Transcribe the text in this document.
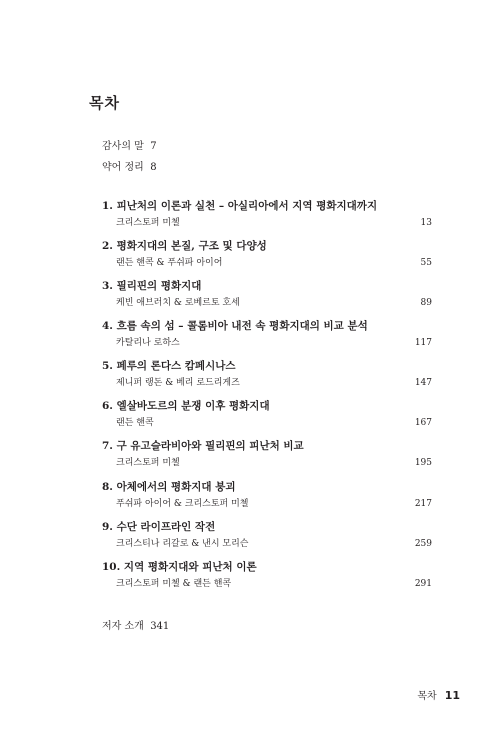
목차
감사의 말 7
약어 정리 8
1. 피난처의 이론과 실천 – 아실리아에서 지역 평화지대까지
크리스토퍼 미첼	13
2. 평화지대의 본질, 구조 및 다양성
랜든 핸콕 & 푸쉬파 아이어	55
3. 필리핀의 평화지대
케빈 애브러치 & 로베르토 호세	89
4. 흐름 속의 섬 – 콜롬비아 내전 속 평화지대의 비교 분석
카탈리나 로하스	117
5. 페루의 론다스 캄페시나스
제니퍼 랭돈 & 베리 로드리게즈	147
6. 엘살바도르의 분쟁 이후 평화지대
랜든 핸콕	167
7. 구 유고슬라비아와 필리핀의 피난처 비교
크리스토퍼 미첼	195
8. 아체에서의 평화지대 붕괴
푸쉬파 아이어 & 크리스토퍼 미첼	217
9. 수단 라이프라인 작전
크리스티나 리갈로 & 낸시 모리슨	259
10. 지역 평화지대와 피난처 이론
크리스토퍼 미첼 & 랜든 핸콕	291
저자 소개 341
목차 11
